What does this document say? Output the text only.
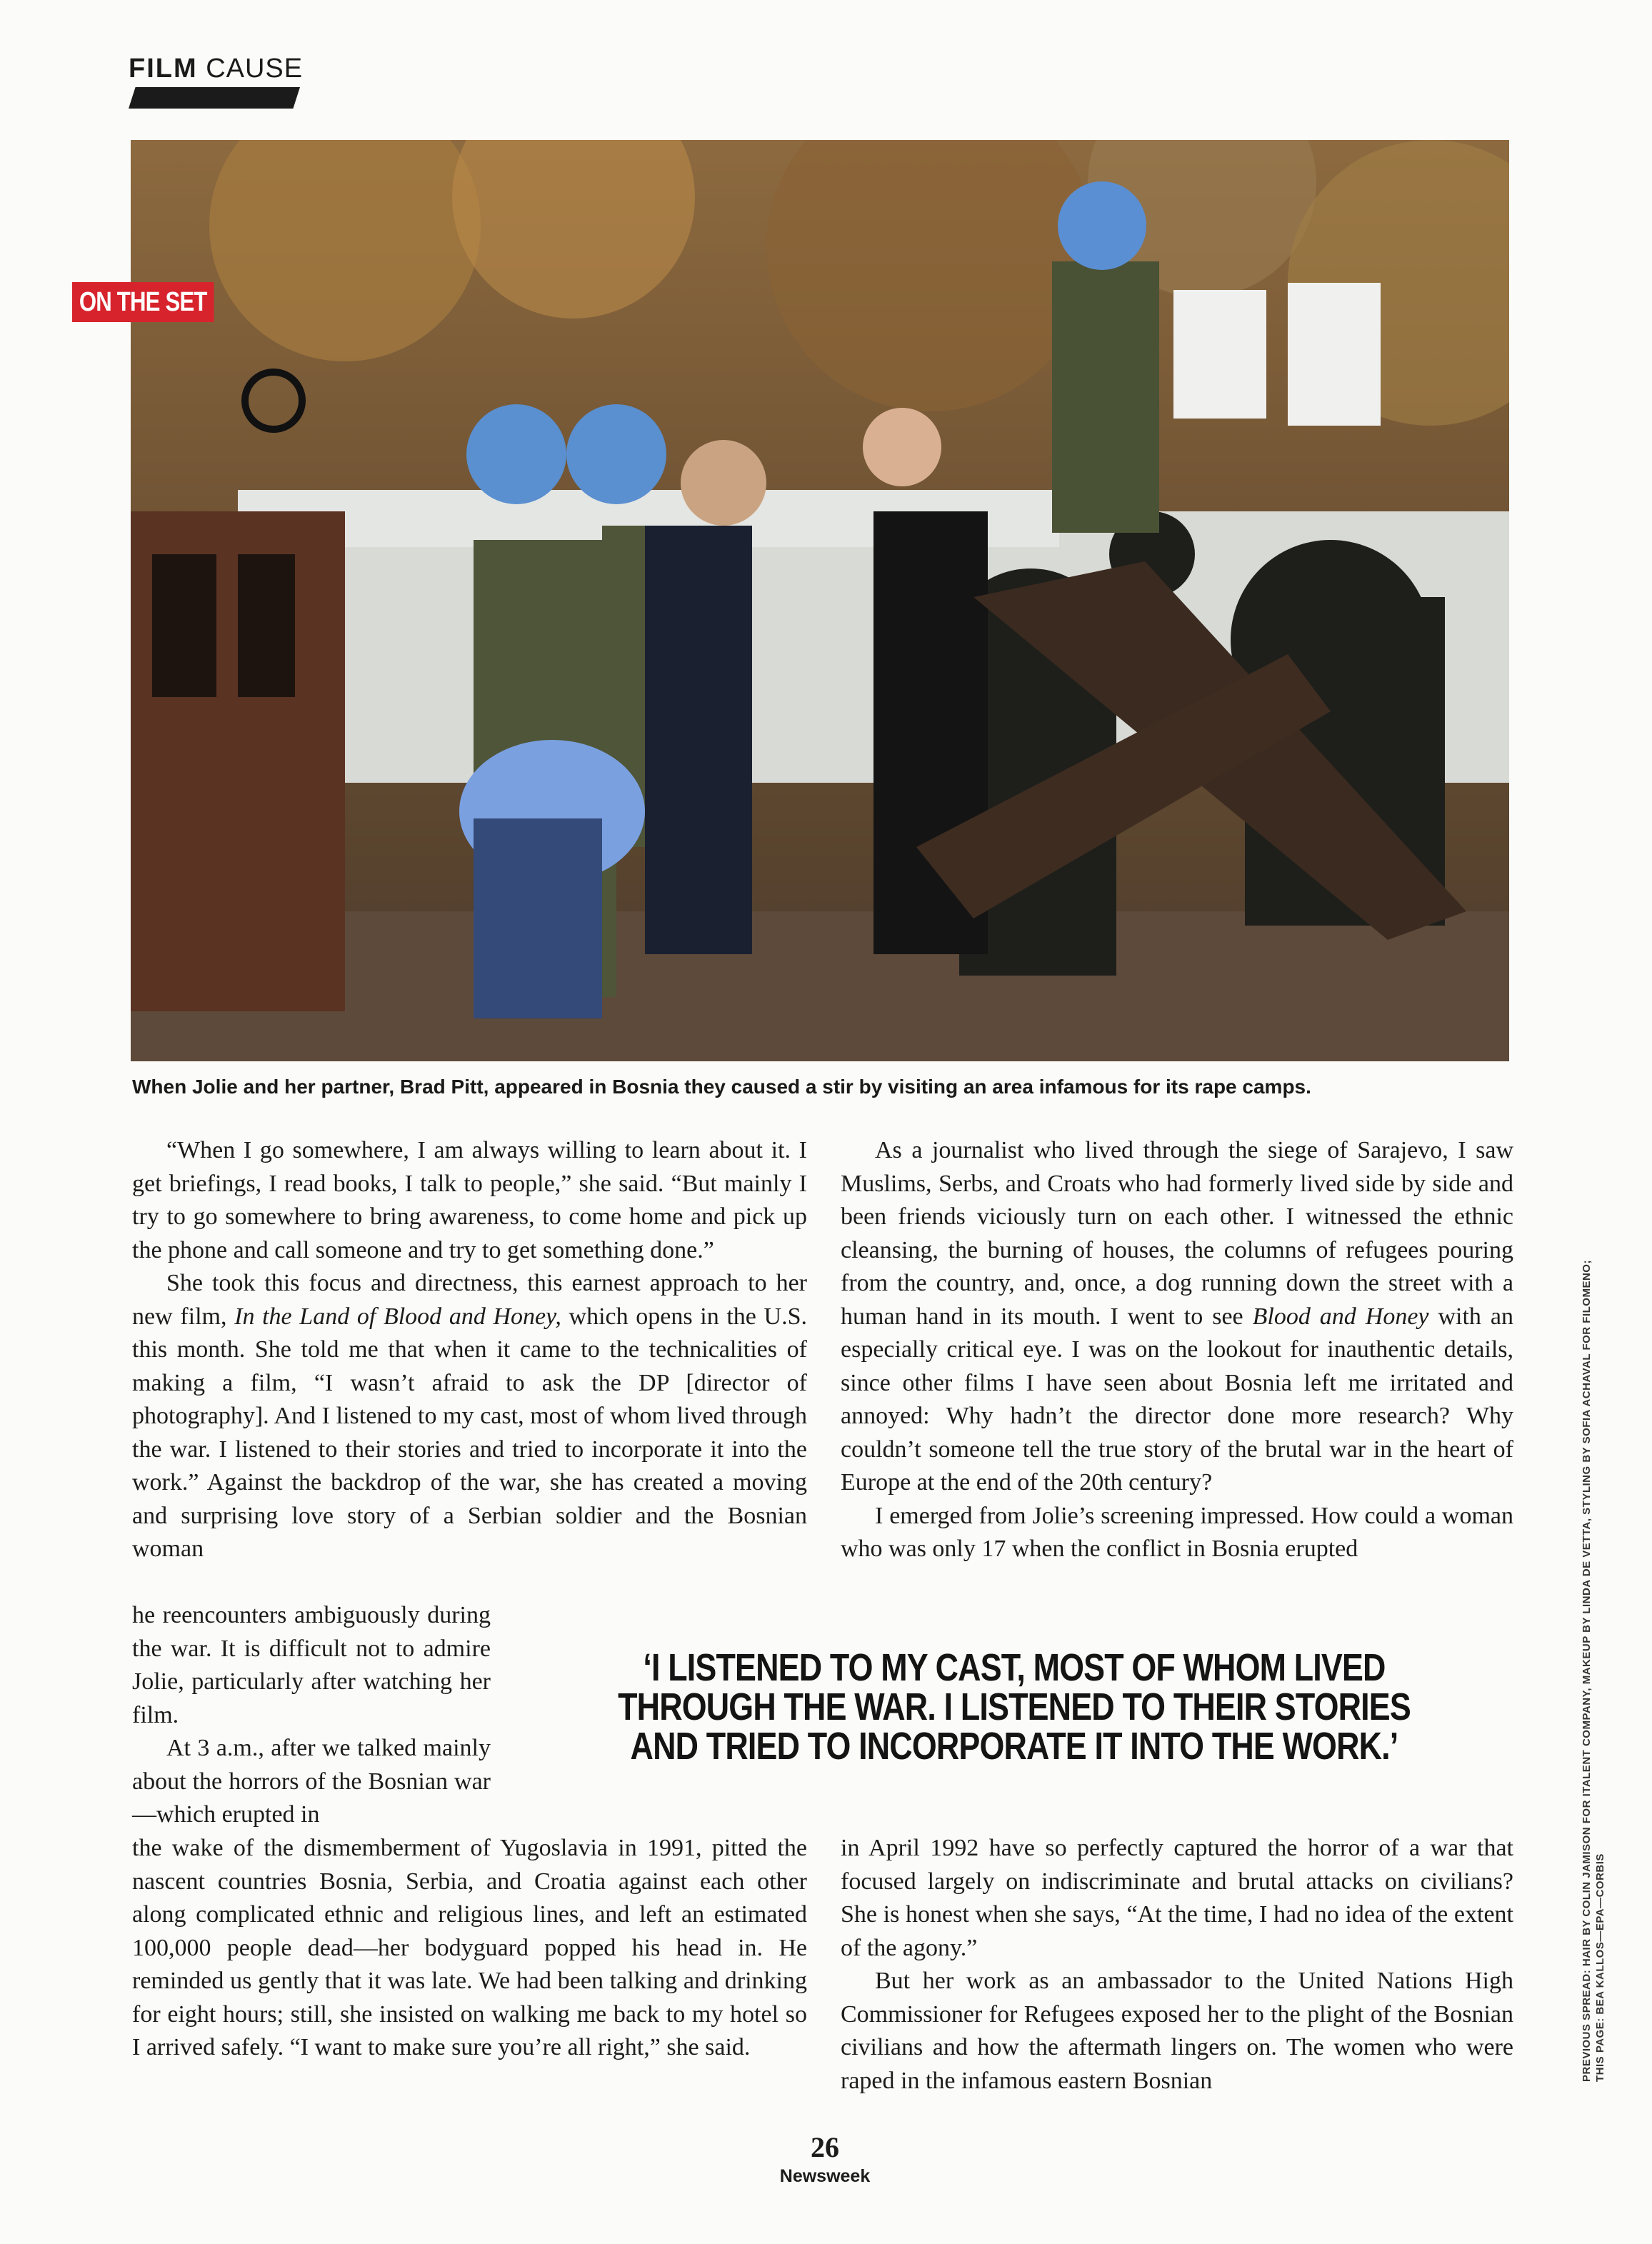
FILM CAUSE
ON THE SET
When Jolie and her partner, Brad Pitt, appeared in Bosnia they caused a stir by visiting an area infamous for its rape camps.

“When I go somewhere, I am always willing to learn about it. I get briefings, I read books, I talk to people,” she said. “But mainly I try to go somewhere to bring awareness, to come home and pick up the phone and call someone and try to get something done.”

She took this focus and directness, this earnest approach to her new film, In the Land of Blood and Honey, which opens in the U.S. this month. She told me that when it came to the technicalities of making a film, “I wasn’t afraid to ask the DP [director of photography]. And I listened to my cast, most of whom lived through the war. I listened to their stories and tried to incorporate it into the work.” Against the backdrop of the war, she has created a moving and surprising love story of a Serbian soldier and the Bosnian woman

As a journalist who lived through the siege of Sarajevo, I saw Muslims, Serbs, and Croats who had formerly lived side by side and been friends viciously turn on each other. I witnessed the ethnic cleansing, the burning of houses, the columns of refugees pouring from the country, and, once, a dog running down the street with a human hand in its mouth. I went to see Blood and Honey with an especially critical eye. I was on the lookout for inauthentic details, since other films I have seen about Bosnia left me irritated and annoyed: Why hadn’t the director done more research? Why couldn’t someone tell the true story of the brutal war in the heart of Europe at the end of the 20th century?

I emerged from Jolie’s screening impressed. How could a woman who was only 17 when the conflict in Bosnia erupted

he reencounters ambiguously during the war. It is difficult not to admire Jolie, particularly after watching her film.

At 3 a.m., after we talked mainly about the horrors of the Bosnian war—which erupted in

‘I LISTENED TO MY CAST, MOST OF WHOM LIVED THROUGH THE WAR. I LISTENED TO THEIR STORIES AND TRIED TO INCORPORATE IT INTO THE WORK.’

the wake of the dismemberment of Yugoslavia in 1991, pitted the nascent countries Bosnia, Serbia, and Croatia against each other along complicated ethnic and religious lines, and left an estimated 100,000 people dead—her bodyguard popped his head in. He reminded us gently that it was late. We had been talking and drinking for eight hours; still, she insisted on walking me back to my hotel so I arrived safely. “I want to make sure you’re all right,” she said.

in April 1992 have so perfectly captured the horror of a war that focused largely on indiscriminate and brutal attacks on civilians? She is honest when she says, “At the time, I had no idea of the extent of the agony.”

But her work as an ambassador to the United Nations High Commissioner for Refugees exposed her to the plight of the Bosnian civilians and how the aftermath lingers on. The women who were raped in the infamous eastern Bosnian	PREVIOUS SPREAD: HAIR BY COLIN JAMISON FOR ITALENT COMPANY, MAKEUP BY LINDA DE VETTA, STYLING BY SOFIA ACHAVAL FOR FILOMENO; THIS PAGE: BEA KALLOS—EPA—CORBIS
26
Newsweek
